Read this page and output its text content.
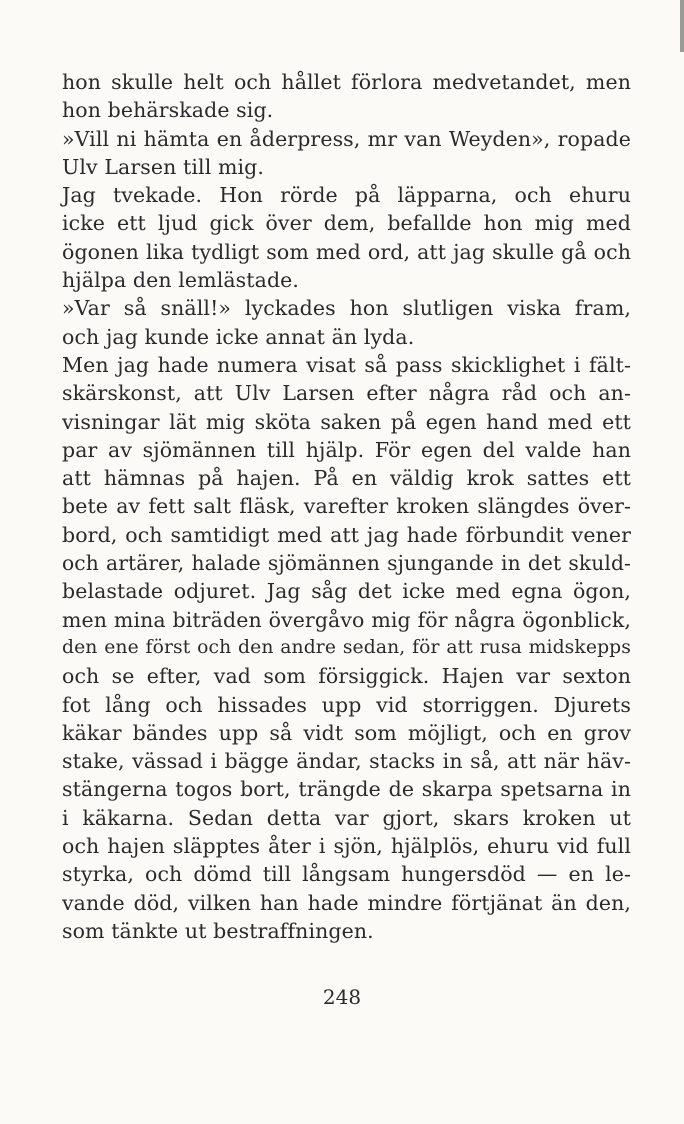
hon skulle helt och hållet förlora medvetandet, men
hon behärskade sig.
»Vill ni hämta en åderpress, mr van Weyden», ropade
Ulv Larsen till mig.
Jag tvekade. Hon rörde på läpparna, och ehuru
icke ett ljud gick över dem, befallde hon mig med
ögonen lika tydligt som med ord, att jag skulle gå och
hjälpa den lemlästade.
»Var så snäll!» lyckades hon slutligen viska fram,
och jag kunde icke annat än lyda.
Men jag hade numera visat så pass skicklighet i fält-
skärskonst, att Ulv Larsen efter några råd och an-
visningar lät mig sköta saken på egen hand med ett
par av sjömännen till hjälp. För egen del valde han
att hämnas på hajen. På en väldig krok sattes ett
bete av fett salt fläsk, varefter kroken slängdes över-
bord, och samtidigt med att jag hade förbundit vener
och artärer, halade sjömännen sjungande in det skuld-
belastade odjuret. Jag såg det icke med egna ögon,
men mina biträden övergåvo mig för några ögonblick,
den ene först och den andre sedan, för att rusa midskepps
och se efter, vad som försiggick. Hajen var sexton
fot lång och hissades upp vid storriggen. Djurets
käkar bändes upp så vidt som möjligt, och en grov
stake, vässad i bägge ändar, stacks in så, att när häv-
stängerna togos bort, trängde de skarpa spetsarna in
i käkarna. Sedan detta var gjort, skars kroken ut
och hajen släpptes åter i sjön, hjälplös, ehuru vid full
styrka, och dömd till långsam hungersdöd — en le-
vande död, vilken han hade mindre förtjänat än den,
som tänkte ut bestraffningen.
248
